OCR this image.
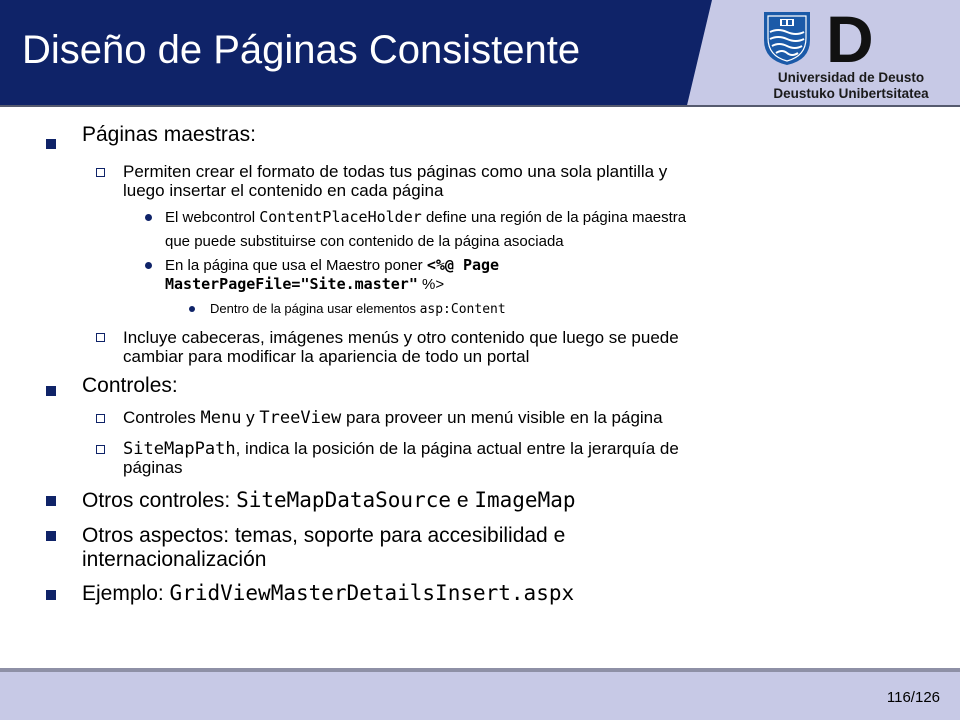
Diseño de Páginas Consistente	D
Universidad de Deusto
Deustuko Unibertsitatea
Páginas maestras:
Permiten crear el formato de todas tus páginas como una sola plantilla y
luego insertar el contenido en cada página
El webcontrol ContentPlaceHolder define una región de la página maestra
que puede substituirse con contenido de la página asociada
En la página que usa el Maestro poner <%@ Page
MasterPageFile="Site.master" %>
Dentro de la página usar elementos asp:Content
Incluye cabeceras, imágenes menús y otro contenido que luego se puede
cambiar para modificar la apariencia de todo un portal
Controles:
Controles Menu y TreeView para proveer un menú visible en la página
SiteMapPath, indica la posición de la página actual entre la jerarquía de
páginas
Otros controles: SiteMapDataSource e ImageMap
Otros aspectos: temas, soporte para accesibilidad e
internacionalización
Ejemplo: GridViewMasterDetailsInsert.aspx
116/126
